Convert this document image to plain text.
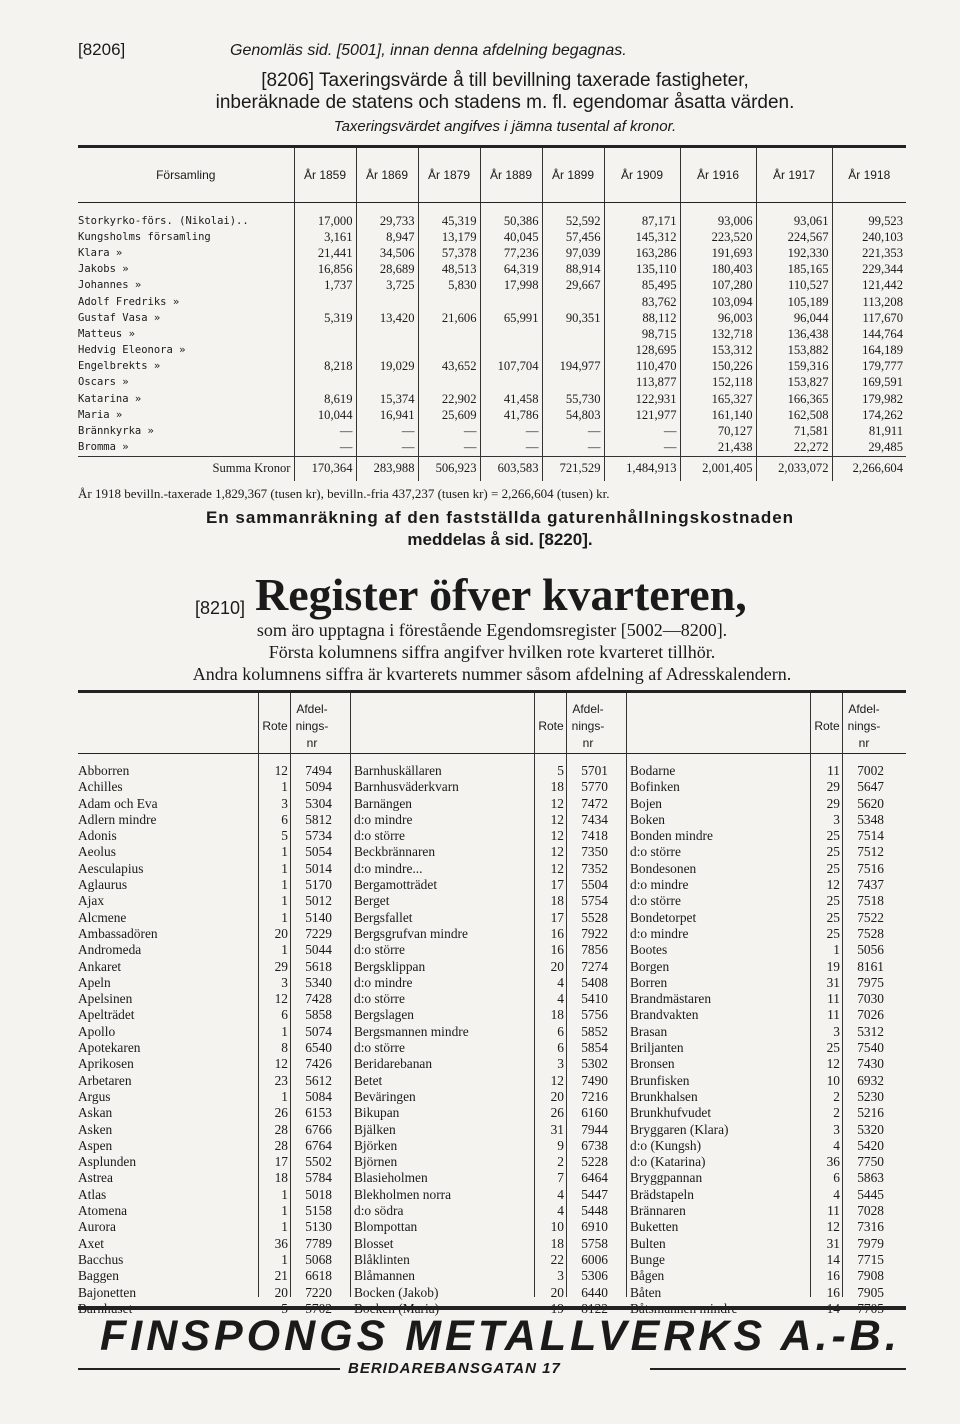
[8206]	Genomläs sid. [5001], innan denna afdelning begagnas.
[8206] Taxeringsvärde å till bevillning taxerade fastigheter,
inberäknade de statens och stadens m. fl. egendomar åsatta värden.
Taxeringsvärdet angifves i jämna tusental af kronor.
Församling	År 1859	År 1869	År 1879	År 1889	År 1899	År 1909	År 1916	År 1917	År 1918
Storkyrko-förs. (Nikolai)..	17,000	29,733	45,319	50,386	52,592	87,171	93,006	93,061	99,523
Kungsholms församling	3,161	8,947	13,179	40,045	57,456	145,312	223,520	224,567	240,103
Klara »	21,441	34,506	57,378	77,236	97,039	163,286	191,693	192,330	221,353
Jakobs »	16,856	28,689	48,513	64,319	88,914	135,110	180,403	185,165	229,344
Johannes »	1,737	3,725	5,830	17,998	29,667	85,495	107,280	110,527	121,442
Adolf Fredriks »						83,762	103,094	105,189	113,208
Gustaf Vasa »	5,319	13,420	21,606	65,991	90,351	88,112	96,003	96,044	117,670
Matteus »						98,715	132,718	136,438	144,764
Hedvig Eleonora »						128,695	153,312	153,882	164,189
Engelbrekts »	8,218	19,029	43,652	107,704	194,977	110,470	150,226	159,316	179,777
Oscars »						113,877	152,118	153,827	169,591
Katarina »	8,619	15,374	22,902	41,458	55,730	122,931	165,327	166,365	179,982
Maria »	10,044	16,941	25,609	41,786	54,803	121,977	161,140	162,508	174,262
Brännkyrka »	—	—	—	—	—	—	70,127	71,581	81,911
Bromma »	—	—	—	—	—	—	21,438	22,272	29,485
Summa Kronor	170,364	283,988	506,923	603,583	721,529	1,484,913	2,001,405	2,033,072	2,266,604
År 1918 bevilln.-taxerade 1,829,367 (tusen kr), bevilln.-fria 437,237 (tusen kr) = 2,266,604 (tusen) kr.
En sammanräkning af den fastställda gaturenhållningskostnaden
meddelas å sid. [8220].
[8210] Register öfver kvarteren,
som äro upptagna i förestående Egendomsregister [5002—8200].
Första kolumnens siffra angifver hvilken rote kvarteret tillhör.
Andra kolumnens siffra är kvarterets nummer såsom afdelning af Adresskalendern.
Rote
Afdel-
nings-
nr
Abborren	12	7494
Achilles	1	5094
Adam och Eva	3	5304
Adlern mindre	6	5812
Adonis	5	5734
Aeolus	1	5054
Aesculapius	1	5014
Aglaurus	1	5170
Ajax	1	5012
Alcmene	1	5140
Ambassadören	20	7229
Andromeda	1	5044
Ankaret	29	5618
Apeln	3	5340
Apelsinen	12	7428
Apelträdet	6	5858
Apollo	1	5074
Apotekaren	8	6540
Aprikosen	12	7426
Arbetaren	23	5612
Argus	1	5084
Askan	26	6153
Asken	28	6766
Aspen	28	6764
Asplunden	17	5502
Astrea	18	5784
Atlas	1	5018
Atomena	1	5158
Aurora	1	5130
Axet	36	7789
Bacchus	1	5068
Baggen	21	6618
Bajonetten	20	7220
Barnhuset	5	5702
Rote
Afdel-
nings-
nr
Barnhuskällaren	5	5701
Barnhusväderkvarn	18	5770
Barnängen	12	7472
d:o mindre	12	7434
d:o större	12	7418
Beckbrännaren	12	7350
d:o mindre...	12	7352
Bergamotträdet	17	5504
Berget	18	5754
Bergsfallet	17	5528
Bergsgrufvan mindre	16	7922
d:o större	16	7856
Bergsklippan	20	7274
d:o mindre	4	5408
d:o större	4	5410
Bergslagen	18	5756
Bergsmannen mindre	6	5852
d:o större	6	5854
Beridarebanan	3	5302
Betet	12	7490
Beväringen	20	7216
Bikupan	26	6160
Bjälken	31	7944
Björken	9	6738
Björnen	2	5228
Blasieholmen	7	6464
Blekholmen norra	4	5447
d:o södra	4	5448
Blompottan	10	6910
Blosset	18	5758
Blåklinten	22	6006
Blåmannen	3	5306
Bocken (Jakob)	20	6440
Bocken (Maria)	19	8122
Rote
Afdel-
nings-
nr
Bodarne	11	7002
Bofinken	29	5647
Bojen	29	5620
Boken	3	5348
Bonden mindre	25	7514
d:o större	25	7512
Bondesonen	25	7516
d:o mindre	12	7437
d:o större	25	7518
Bondetorpet	25	7522
d:o mindre	25	7528
Bootes	1	5056
Borgen	19	8161
Borren	31	7975
Brandmästaren	11	7030
Brandvakten	11	7026
Brasan	3	5312
Briljanten	25	7540
Bronsen	12	7430
Brunfisken	10	6932
Brunkhalsen	2	5230
Brunkhufvudet	2	5216
Bryggaren (Klara)	3	5320
d:o (Kungsh)	4	5420
d:o (Katarina)	36	7750
Bryggpannan	6	5863
Brädstapeln	4	5445
Brännaren	11	7028
Buketten	12	7316
Bulten	31	7979
Bunge	14	7715
Bågen	16	7908
Båten	16	7905
Båtsmannen mindre	14	7705
FINSPONGS METALLVERKS A.-B.
BERIDAREBANSGATAN 17
